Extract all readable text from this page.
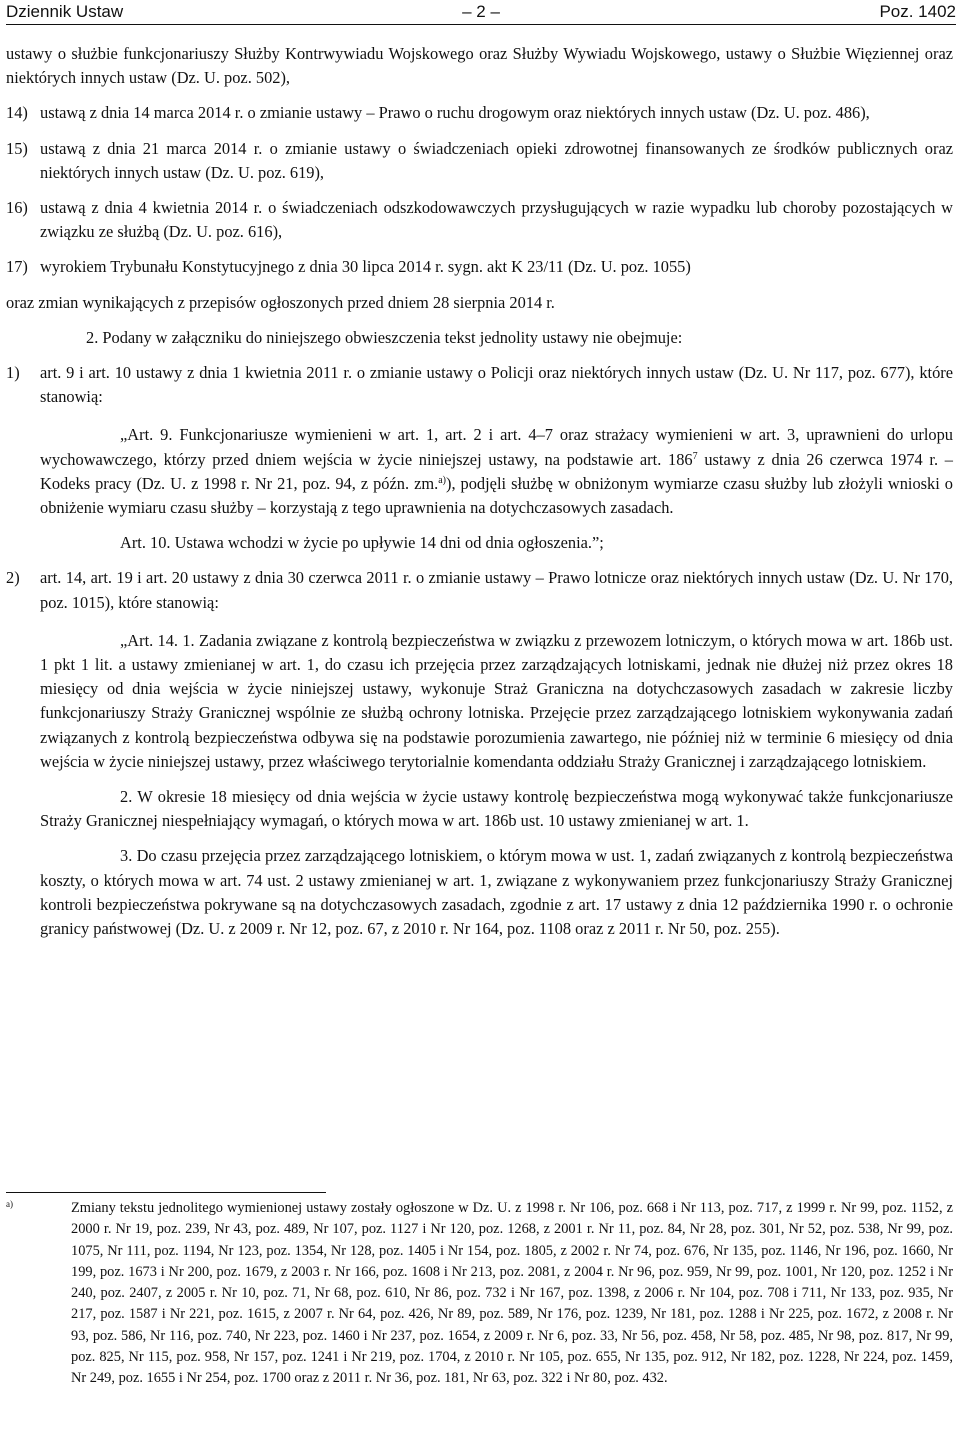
Dziennik Ustaw	– 2 –	Poz. 1402

ustawy o służbie funkcjonariuszy Służby Kontrwywiadu Wojskowego oraz Służby Wywiadu Wojskowego, ustawy o Służbie Więziennej oraz niektórych innych ustaw (Dz. U. poz. 502),

14) ustawą z dnia 14 marca 2014 r. o zmianie ustawy – Prawo o ruchu drogowym oraz niektórych innych ustaw (Dz. U. poz. 486),

15) ustawą z dnia 21 marca 2014 r. o zmianie ustawy o świadczeniach opieki zdrowotnej finansowanych ze środków publicznych oraz niektórych innych ustaw (Dz. U. poz. 619),

16) ustawą z dnia 4 kwietnia 2014 r. o świadczeniach odszkodowawczych przysługujących w razie wypadku lub choroby pozostających w związku ze służbą (Dz. U. poz. 616),

17) wyrokiem Trybunału Konstytucyjnego z dnia 30 lipca 2014 r. sygn. akt K 23/11 (Dz. U. poz. 1055)

oraz zmian wynikających z przepisów ogłoszonych przed dniem 28 sierpnia 2014 r.

2. Podany w załączniku do niniejszego obwieszczenia tekst jednolity ustawy nie obejmuje:

1)	art. 9 i art. 10 ustawy z dnia 1 kwietnia 2011 r. o zmianie ustawy o Policji oraz niektórych innych ustaw (Dz. U. Nr 117, poz. 677), które stanowią:

„Art. 9. Funkcjonariusze wymienieni w art. 1, art. 2 i art. 4–7 oraz strażacy wymienieni w art. 3, uprawnieni do urlopu wychowawczego, którzy przed dniem wejścia w życie niniejszej ustawy, na podstawie art. $186^7$ ustawy z dnia 26 czerwca 1974 r. – Kodeks pracy (Dz. U. z 1998 r. Nr 21, poz. 94, z późn. zm.$^{a)}$), podjęli służbę w obniżonym wymiarze czasu służby lub złożyli wnioski o obniżenie wymiaru czasu służby – korzystają z tego uprawnienia na dotychczasowych zasadach.

Art. 10. Ustawa wchodzi w życie po upływie 14 dni od dnia ogłoszenia.”;

2)	art. 14, art. 19 i art. 20 ustawy z dnia 30 czerwca 2011 r. o zmianie ustawy – Prawo lotnicze oraz niektórych innych ustaw (Dz. U. Nr 170, poz. 1015), które stanowią:

„Art. 14. 1. Zadania związane z kontrolą bezpieczeństwa w związku z przewozem lotniczym, o których mowa w art. 186b ust. 1 pkt 1 lit. a ustawy zmienianej w art. 1, do czasu ich przejęcia przez zarządzających lotniskami, jednak nie dłużej niż przez okres 18 miesięcy od dnia wejścia w życie niniejszej ustawy, wykonuje Straż Graniczna na dotychczasowych zasadach w zakresie liczby funkcjonariuszy Straży Granicznej wspólnie ze służbą ochrony lotniska. Przejęcie przez zarządzającego lotniskiem wykonywania zadań związanych z kontrolą bezpieczeństwa odbywa się na podstawie porozumienia zawartego, nie później niż w terminie 6 miesięcy od dnia wejścia w życie niniejszej ustawy, przez właściwego terytorialnie komendanta oddziału Straży Granicznej i zarządzającego lotniskiem.

2. W okresie 18 miesięcy od dnia wejścia w życie ustawy kontrolę bezpieczeństwa mogą wykonywać także funkcjonariusze Straży Granicznej niespełniający wymagań, o których mowa w art. 186b ust. 10 ustawy zmienianej w art. 1.

3. Do czasu przejęcia przez zarządzającego lotniskiem, o którym mowa w ust. 1, zadań związanych z kontrolą bezpieczeństwa koszty, o których mowa w art. 74 ust. 2 ustawy zmienianej w art. 1, związane z wykonywaniem przez funkcjonariuszy Straży Granicznej kontroli bezpieczeństwa pokrywane są na dotychczasowych zasadach, zgodnie z art. 17 ustawy z dnia 12 października 1990 r. o ochronie granicy państwowej (Dz. U. z 2009 r. Nr 12, poz. 67, z 2010 r. Nr 164, poz. 1108 oraz z 2011 r. Nr 50, poz. 255).

a)	Zmiany tekstu jednolitego wymienionej ustawy zostały ogłoszone w Dz. U. z 1998 r. Nr 106, poz. 668 i Nr 113, poz. 717, z 1999 r. Nr 99, poz. 1152, z 2000 r. Nr 19, poz. 239, Nr 43, poz. 489, Nr 107, poz. 1127 i Nr 120, poz. 1268, z 2001 r. Nr 11, poz. 84, Nr 28, poz. 301, Nr 52, poz. 538, Nr 99, poz. 1075, Nr 111, poz. 1194, Nr 123, poz. 1354, Nr 128, poz. 1405 i Nr 154, poz. 1805, z 2002 r. Nr 74, poz. 676, Nr 135, poz. 1146, Nr 196, poz. 1660, Nr 199, poz. 1673 i Nr 200, poz. 1679, z 2003 r. Nr 166, poz. 1608 i Nr 213, poz. 2081, z 2004 r. Nr 96, poz. 959, Nr 99, poz. 1001, Nr 120, poz. 1252 i Nr 240, poz. 2407, z 2005 r. Nr 10, poz. 71, Nr 68, poz. 610, Nr 86, poz. 732 i Nr 167, poz. 1398, z 2006 r. Nr 104, poz. 708 i 711, Nr 133, poz. 935, Nr 217, poz. 1587 i Nr 221, poz. 1615, z 2007 r. Nr 64, poz. 426, Nr 89, poz. 589, Nr 176, poz. 1239, Nr 181, poz. 1288 i Nr 225, poz. 1672, z 2008 r. Nr 93, poz. 586, Nr 116, poz. 740, Nr 223, poz. 1460 i Nr 237, poz. 1654, z 2009 r. Nr 6, poz. 33, Nr 56, poz. 458, Nr 58, poz. 485, Nr 98, poz. 817, Nr 99, poz. 825, Nr 115, poz. 958, Nr 157, poz. 1241 i Nr 219, poz. 1704, z 2010 r. Nr 105, poz. 655, Nr 135, poz. 912, Nr 182, poz. 1228, Nr 224, poz. 1459, Nr 249, poz. 1655 i Nr 254, poz. 1700 oraz z 2011 r. Nr 36, poz. 181, Nr 63, poz. 322 i Nr 80, poz. 432.
